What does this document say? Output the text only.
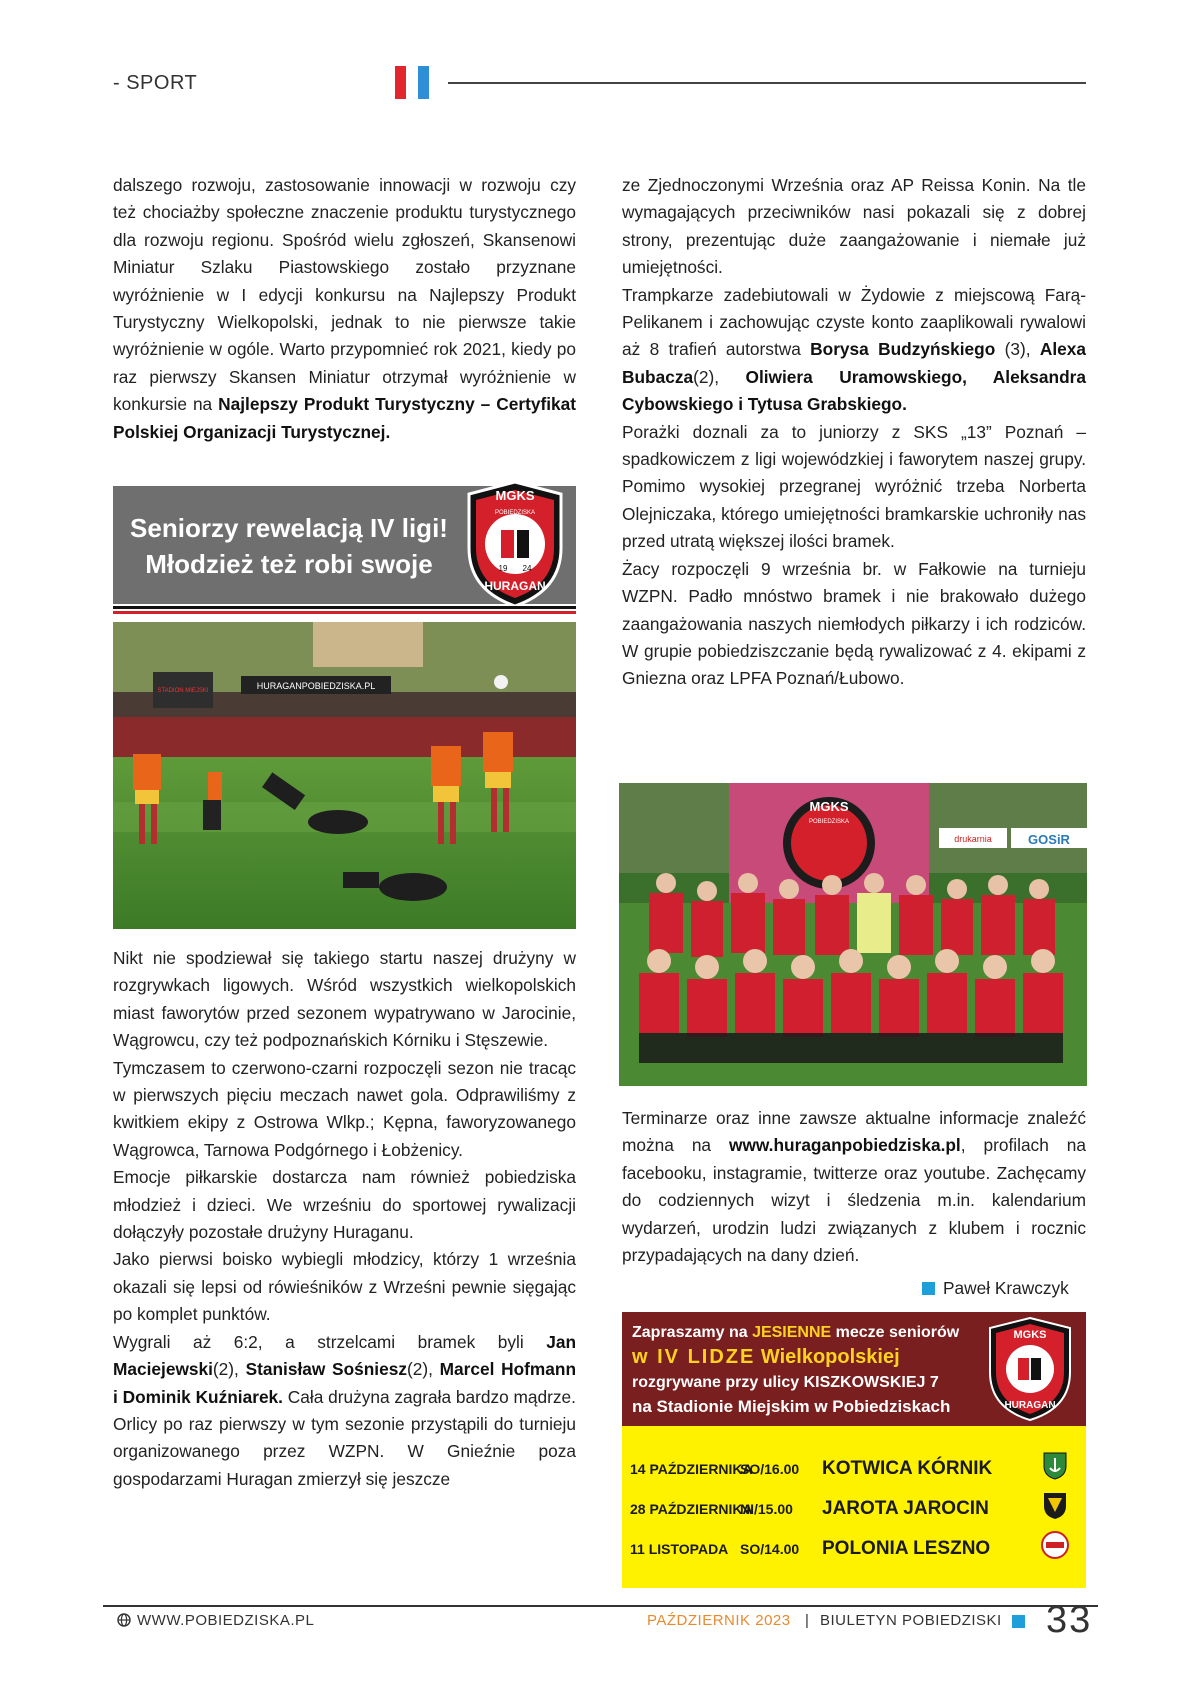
- SPORT

dalszego rozwoju, zastosowanie innowacji w rozwoju czy też chociażby społeczne znaczenie produktu turystycznego dla rozwoju regionu. Spośród wielu zgłoszeń, Skansenowi Miniatur Szlaku Piastowskiego zostało przyznane wyróżnienie w I edycji konkursu na Najlepszy Produkt Turystyczny Wielkopolski, jednak to nie pierwsze takie wyróżnienie w ogóle. Warto przypomnieć rok 2021, kiedy po raz pierwszy Skansen Miniatur otrzymał wyróżnienie w konkursie na Najlepszy Produkt Turystyczny – Certyfikat Polskiej Organizacji Turystycznej.

Seniorzy rewelacją IV ligi!
Młodzież też robi swoje
MGKS
POBIEDZISKA
19 24
HURAGAN
HURAGANPOBIEDZISKA.PL
STADION MIEJSKI

Nikt nie spodziewał się takiego startu naszej drużyny w rozgrywkach ligowych. Wśród wszystkich wielkopolskich miast faworytów przed sezonem wypatrywano w Jarocinie, Wągrowcu, czy też podpoznańskich Kórniku i Stęszewie.

Tymczasem to czerwono-czarni rozpoczęli sezon nie tracąc w pierwszych pięciu meczach nawet gola. Odprawiliśmy z kwitkiem ekipy z Ostrowa Wlkp.; Kępna, faworyzowanego Wągrowca, Tarnowa Podgórnego i Łobżenicy.

Emocje piłkarskie dostarcza nam również pobiedziska młodzież i dzieci. We wrześniu do sportowej rywalizacji dołączyły pozostałe drużyny Huraganu.

Jako pierwsi boisko wybiegli młodzicy, którzy 1 września okazali się lepsi od rówieśników z Wrześni pewnie sięgając po komplet punktów.

Wygrali aż 6:2, a strzelcami bramek byli Jan Maciejewski(2), Stanisław Sośniesz(2), Marcel Hofmann i Dominik Kuźniarek. Cała drużyna zagrała bardzo mądrze.

Orlicy po raz pierwszy w tym sezonie przystąpili do turnieju organizowanego przez WZPN. W Gnieźnie poza gospodarzami Huragan zmierzył się jeszcze

ze Zjednoczonymi Września oraz AP Reissa Konin. Na tle wymagających przeciwników nasi pokazali się z dobrej strony, prezentując duże zaangażowanie i niemałe już umiejętności.

Trampkarze zadebiutowali w Żydowie z miejscową Farą-Pelikanem i zachowując czyste konto zaaplikowali rywalowi aż 8 trafień autorstwa Borysa Budzyńskiego (3), Alexa Bubacza(2), Oliwiera Uramowskiego, Aleksandra Cybowskiego i Tytusa Grabskiego.

Porażki doznali za to juniorzy z SKS „13” Poznań – spadkowiczem z ligi wojewódzkiej i faworytem naszej grupy. Pomimo wysokiej przegranej wyróżnić trzeba Norberta Olejniczaka, którego umiejętności bramkarskie uchroniły nas przed utratą większej ilości bramek.

Żacy rozpoczęli 9 września br. w Fałkowie na turnieju WZPN. Padło mnóstwo bramek i nie brakowało dużego zaangażowania naszych niemłodych piłkarzy i ich rodziców. W grupie pobiedziszczanie będą rywalizować z 4. ekipami z Gniezna oraz LPFA Poznań/Łubowo.

MGKS
POBIEDZISKA
drukarnia	GOSiR

Terminarze oraz inne zawsze aktualne informacje znaleźć można na www.huraganpobiedziska.pl, profilach na facebooku, instagramie, twitterze oraz youtube. Zachęcamy do codziennych wizyt i śledzenia m.in. kalendarium wydarzeń, urodzin ludzi związanych z klubem i rocznic przypadających na dany dzień.

Paweł Krawczyk
Zapraszamy na JESIENNE mecze seniorów
w IV LIDZE Wielkopolskiej
rozgrywane przy ulicy KISZKOWSKIEJ 7
na Stadionie Miejskim w Pobiedziskach
MGKS
HURAGAN
14 PAŹDZIERNIKASO/16.00 KOTWICA KÓRNIK
28 PAŹDZIERNIKANI/15.00 JAROTA JAROCIN
11 LISTOPADA SO/14.00 POLONIA LESZNO
WWW.POBIEDZISKA.PL	PAŹDZIERNIK 2023 | BIULETYN POBIEDZISKI 33
